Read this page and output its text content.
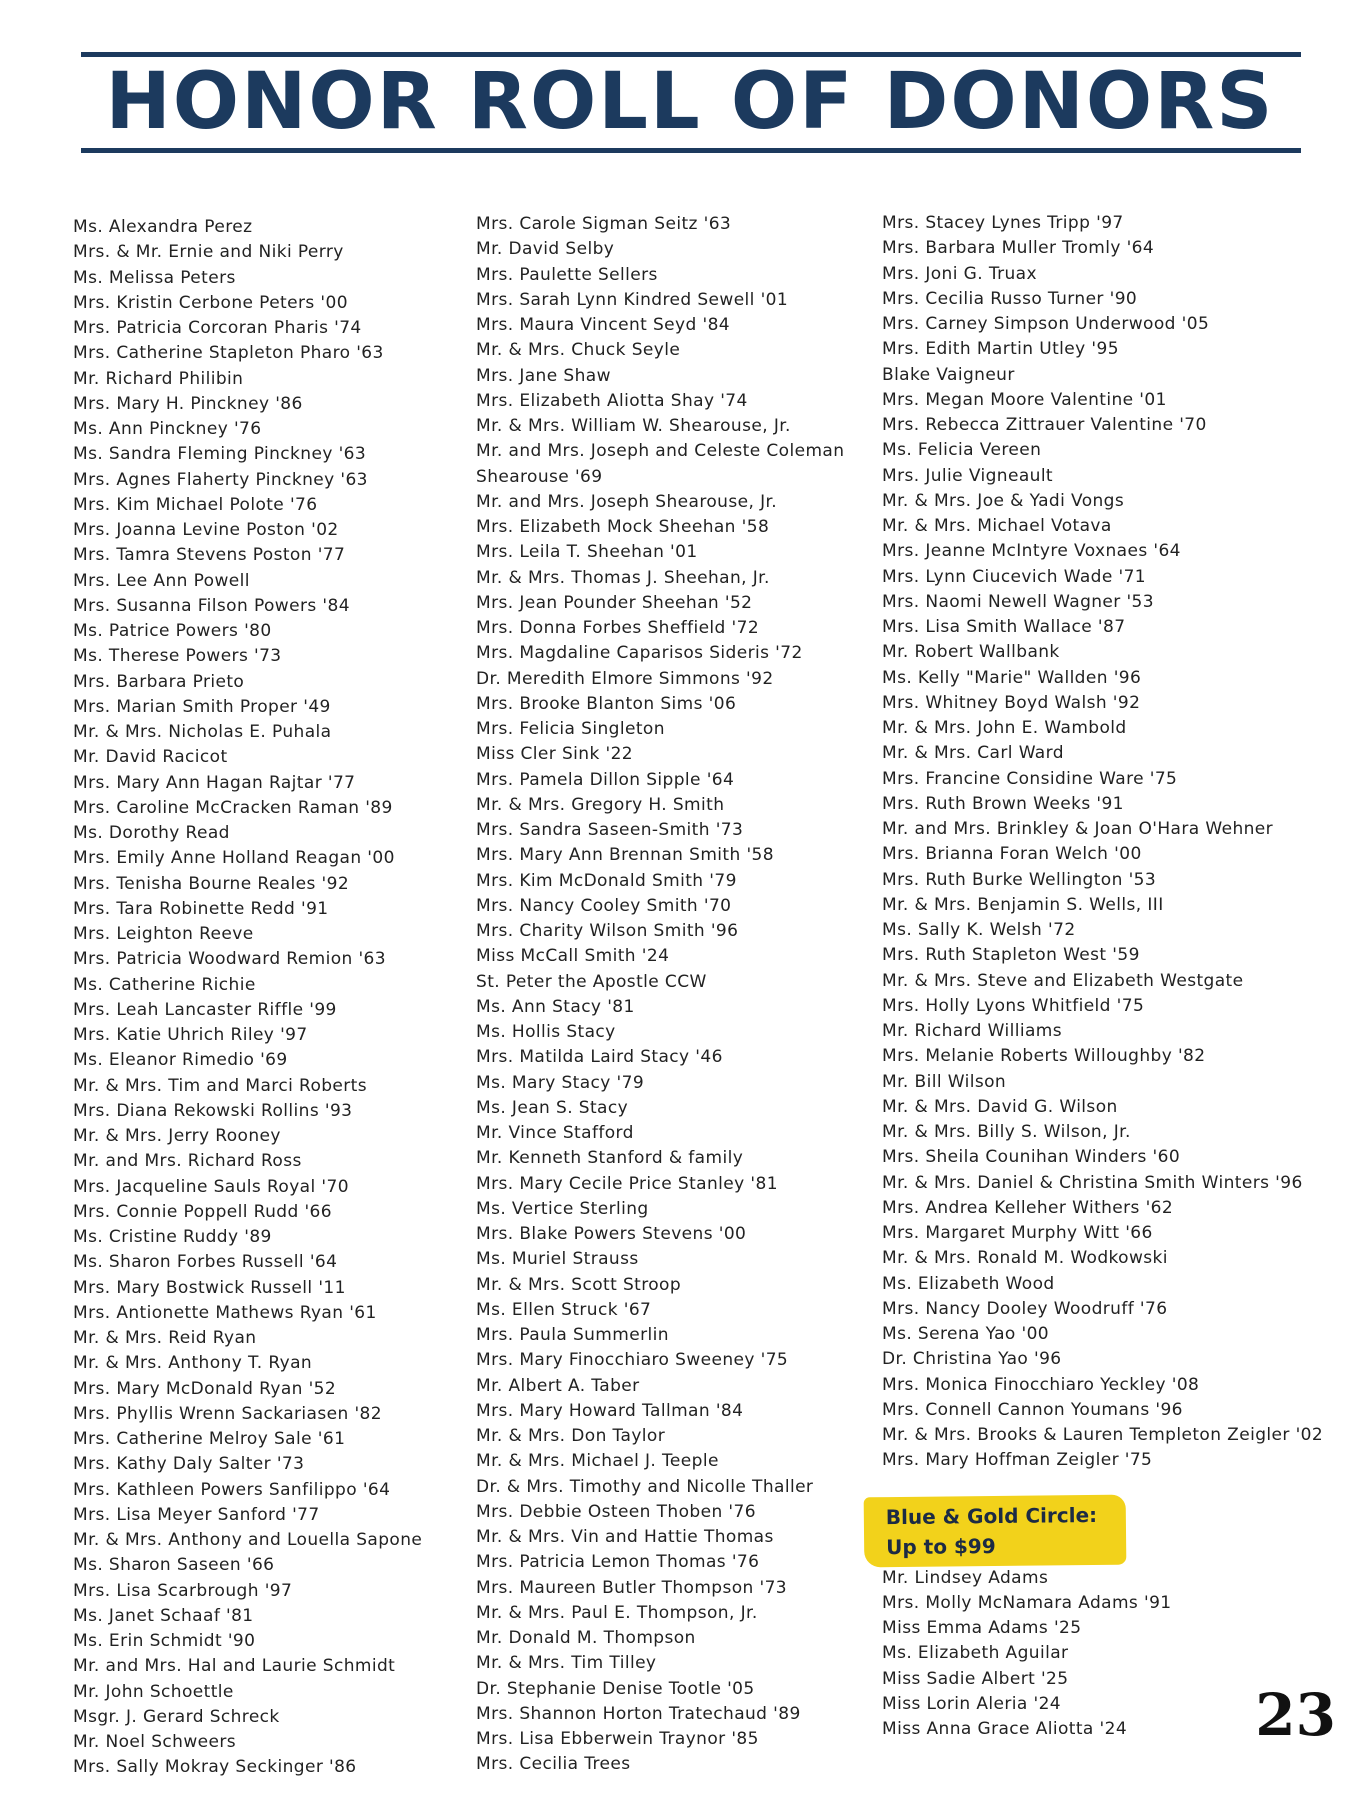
HONOR ROLL OF DONORS
Ms. Alexandra Perez
Mrs. & Mr. Ernie and Niki Perry
Ms. Melissa Peters
Mrs. Kristin Cerbone Peters '00
Mrs. Patricia Corcoran Pharis '74
Mrs. Catherine Stapleton Pharo '63
Mr. Richard Philibin
Mrs. Mary H. Pinckney '86
Ms. Ann Pinckney '76
Ms. Sandra Fleming Pinckney '63
Mrs. Agnes Flaherty Pinckney '63
Mrs. Kim Michael Polote '76
Mrs. Joanna Levine Poston '02
Mrs. Tamra Stevens Poston '77
Mrs. Lee Ann Powell
Mrs. Susanna Filson Powers '84
Ms. Patrice Powers '80
Ms. Therese Powers '73
Mrs. Barbara Prieto
Mrs. Marian Smith Proper '49
Mr. & Mrs. Nicholas E. Puhala
Mr. David Racicot
Mrs. Mary Ann Hagan Rajtar '77
Mrs. Caroline McCracken Raman '89
Ms. Dorothy Read
Mrs. Emily Anne Holland Reagan '00
Mrs. Tenisha Bourne Reales '92
Mrs. Tara Robinette Redd '91
Mrs. Leighton Reeve
Mrs. Patricia Woodward Remion '63
Ms. Catherine Richie
Mrs. Leah Lancaster Riffle '99
Mrs. Katie Uhrich Riley '97
Ms. Eleanor Rimedio '69
Mr. & Mrs. Tim and Marci Roberts
Mrs. Diana Rekowski Rollins '93
Mr. & Mrs. Jerry Rooney
Mr. and Mrs. Richard Ross
Mrs. Jacqueline Sauls Royal '70
Mrs. Connie Poppell Rudd '66
Ms. Cristine Ruddy '89
Ms. Sharon Forbes Russell '64
Mrs. Mary Bostwick Russell '11
Mrs. Antionette Mathews Ryan '61
Mr. & Mrs. Reid Ryan
Mr. & Mrs. Anthony T. Ryan
Mrs. Mary McDonald Ryan '52
Mrs. Phyllis Wrenn Sackariasen '82
Mrs. Catherine Melroy Sale '61
Mrs. Kathy Daly Salter '73
Mrs. Kathleen Powers Sanfilippo '64
Mrs. Lisa Meyer Sanford '77
Mr. & Mrs. Anthony and Louella Sapone
Ms. Sharon Saseen '66
Mrs. Lisa Scarbrough '97
Ms. Janet Schaaf '81
Ms. Erin Schmidt '90
Mr. and Mrs. Hal and Laurie Schmidt
Mr. John Schoettle
Msgr. J. Gerard Schreck
Mr. Noel Schweers
Mrs. Sally Mokray Seckinger '86
Mrs. Carole Sigman Seitz '63
Mr. David Selby
Mrs. Paulette Sellers
Mrs. Sarah Lynn Kindred Sewell '01
Mrs. Maura Vincent Seyd '84
Mr. & Mrs. Chuck Seyle
Mrs. Jane Shaw
Mrs. Elizabeth Aliotta Shay '74
Mr. & Mrs. William W. Shearouse, Jr.
Mr. and Mrs. Joseph and Celeste Coleman
Shearouse '69
Mr. and Mrs. Joseph Shearouse, Jr.
Mrs. Elizabeth Mock Sheehan '58
Mrs. Leila T. Sheehan '01
Mr. & Mrs. Thomas J. Sheehan, Jr.
Mrs. Jean Pounder Sheehan '52
Mrs. Donna Forbes Sheffield '72
Mrs. Magdaline Caparisos Sideris '72
Dr. Meredith Elmore Simmons '92
Mrs. Brooke Blanton Sims '06
Mrs. Felicia Singleton
Miss Cler Sink '22
Mrs. Pamela Dillon Sipple '64
Mr. & Mrs. Gregory H. Smith
Mrs. Sandra Saseen-Smith '73
Mrs. Mary Ann Brennan Smith '58
Mrs. Kim McDonald Smith '79
Mrs. Nancy Cooley Smith '70
Mrs. Charity Wilson Smith '96
Miss McCall Smith '24
St. Peter the Apostle CCW
Ms. Ann Stacy '81
Ms. Hollis Stacy
Mrs. Matilda Laird Stacy '46
Ms. Mary Stacy '79
Ms. Jean S. Stacy
Mr. Vince Stafford
Mr. Kenneth Stanford & family
Mrs. Mary Cecile Price Stanley '81
Ms. Vertice Sterling
Mrs. Blake Powers Stevens '00
Ms. Muriel Strauss
Mr. & Mrs. Scott Stroop
Ms. Ellen Struck '67
Mrs. Paula Summerlin
Mrs. Mary Finocchiaro Sweeney '75
Mr. Albert A. Taber
Mrs. Mary Howard Tallman '84
Mr. & Mrs. Don Taylor
Mr. & Mrs. Michael J. Teeple
Dr. & Mrs. Timothy and Nicolle Thaller
Mrs. Debbie Osteen Thoben '76
Mr. & Mrs. Vin and Hattie Thomas
Mrs. Patricia Lemon Thomas '76
Mrs. Maureen Butler Thompson '73
Mr. & Mrs. Paul E. Thompson, Jr.
Mr. Donald M. Thompson
Mr. & Mrs. Tim Tilley
Dr. Stephanie Denise Tootle '05
Mrs. Shannon Horton Tratechaud '89
Mrs. Lisa Ebberwein Traynor '85
Mrs. Cecilia Trees
Mrs. Stacey Lynes Tripp '97
Mrs. Barbara Muller Tromly '64
Mrs. Joni G. Truax
Mrs. Cecilia Russo Turner '90
Mrs. Carney Simpson Underwood '05
Mrs. Edith Martin Utley '95
Blake Vaigneur
Mrs. Megan Moore Valentine '01
Mrs. Rebecca Zittrauer Valentine '70
Ms. Felicia Vereen
Mrs. Julie Vigneault
Mr. & Mrs. Joe & Yadi Vongs
Mr. & Mrs. Michael Votava
Mrs. Jeanne McIntyre Voxnaes '64
Mrs. Lynn Ciucevich Wade '71
Mrs. Naomi Newell Wagner '53
Mrs. Lisa Smith Wallace '87
Mr. Robert Wallbank
Ms. Kelly "Marie" Wallden '96
Mrs. Whitney Boyd Walsh '92
Mr. & Mrs. John E. Wambold
Mr. & Mrs. Carl Ward
Mrs. Francine Considine Ware '75
Mrs. Ruth Brown Weeks '91
Mr. and Mrs. Brinkley & Joan O'Hara Wehner
Mrs. Brianna Foran Welch '00
Mrs. Ruth Burke Wellington '53
Mr. & Mrs. Benjamin S. Wells, III
Ms. Sally K. Welsh '72
Mrs. Ruth Stapleton West '59
Mr. & Mrs. Steve and Elizabeth Westgate
Mrs. Holly Lyons Whitfield '75
Mr. Richard Williams
Mrs. Melanie Roberts Willoughby '82
Mr. Bill Wilson
Mr. & Mrs. David G. Wilson
Mr. & Mrs. Billy S. Wilson, Jr.
Mrs. Sheila Counihan Winders '60
Mr. & Mrs. Daniel & Christina Smith Winters '96
Mrs. Andrea Kelleher Withers '62
Mrs. Margaret Murphy Witt '66
Mr. & Mrs. Ronald M. Wodkowski
Ms. Elizabeth Wood
Mrs. Nancy Dooley Woodruff '76
Ms. Serena Yao '00
Dr. Christina Yao '96
Mrs. Monica Finocchiaro Yeckley '08
Mrs. Connell Cannon Youmans '96
Mr. & Mrs. Brooks & Lauren Templeton Zeigler '02
Mrs. Mary Hoffman Zeigler '75
Blue & Gold Circle:
Up to $99
Mr. Lindsey Adams
Mrs. Molly McNamara Adams '91
Miss Emma Adams '25
Ms. Elizabeth Aguilar
Miss Sadie Albert '25
Miss Lorin Aleria '24
Miss Anna Grace Aliotta '24	23
